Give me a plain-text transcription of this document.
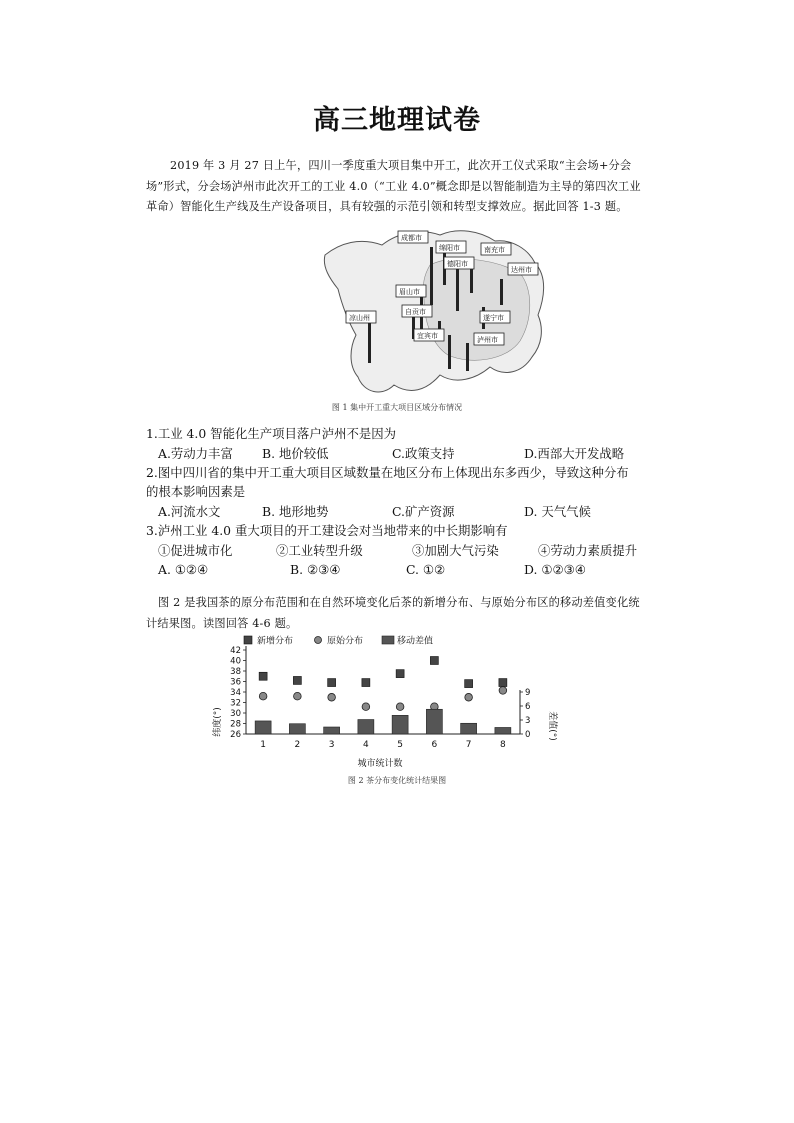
高三地理试卷
2019 年 3 月 27 日上午，四川一季度重大项目集中开工，此次开工仪式采取“主会场+分会场”形式，分会场泸州市此次开工的工业 4.0（“工业 4.0”概念即是以智能制造为主导的第四次工业革命）智能化生产线及生产设备项目，具有较强的示范引领和转型支撑效应。据此回答 1-3 题。
成都市
绵阳市	南充市
德阳市
达州市
眉山市
遂宁市
自贡市
凉山州
宜宾市	泸州市
图 1 集中开工重大项目区域分布情况
1.工业 4.0 智能化生产项目落户泸州不是因为
A.劳动力丰富 B. 地价较低	C.政策支持	D.西部大开发战略
2.图中四川省的集中开工重大项目区域数量在地区分布上体现出东多西少，导致这种分布
的根本影响因素是
A.河流水文	B. 地形地势	C.矿产资源	D. 天气气候
3.泸州工业 4.0 重大项目的开工建设会对当地带来的中长期影响有
①促进城市化	②工业转型升级	③加剧大气污染	④劳动力素质提升
A. ①②④	B. ②③④	C. ①②	D. ①②③④
图 2 是我国茶的原分布范围和在自然环境变化后茶的新增分布、与原始分布区的移动差值变化统计结果图。读图回答 4-6 题。
新增分布	原始分布	移动差值
26
28
30
32
34
36
38
40
42
0
3
6
9
1	2	3	4	5	6	7	8
纬度(°)	差值(°)
城市统计数
图 2 茶分布变化统计结果图
